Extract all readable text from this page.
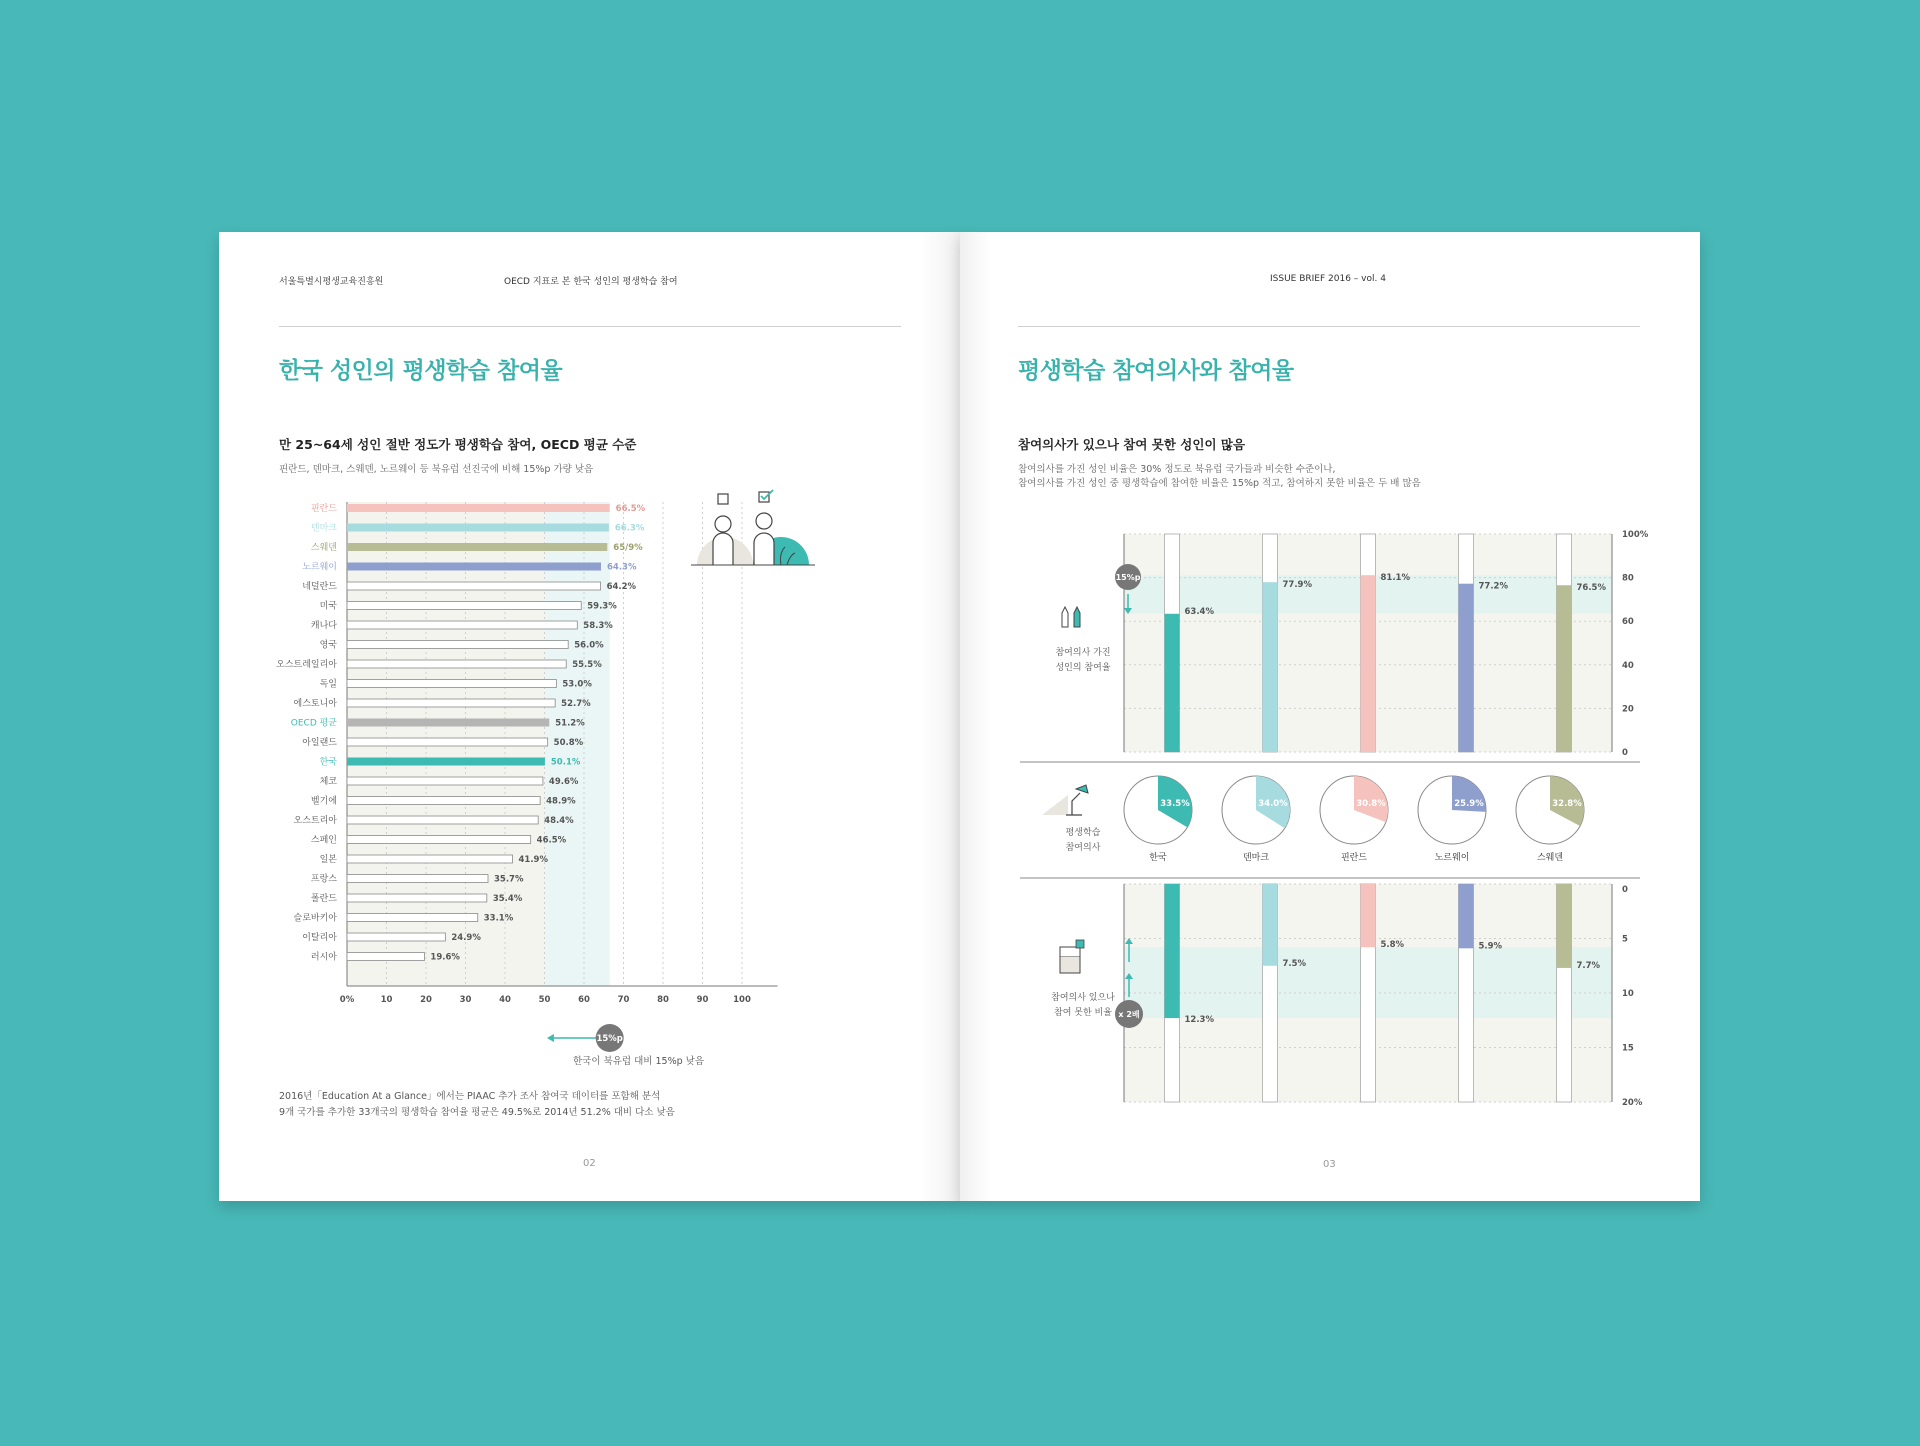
서울특별시평생교육진흥원	OECD 지표로 본 한국 성인의 평생학습 참여
한국 성인의 평생학습 참여율
만 25~64세 성인 절반 정도가 평생학습 참여, OECD 평균 수준
핀란드, 덴마크, 스웨덴, 노르웨이 등 북유럽 선진국에 비해 15%p 가량 낮음
0%	10	20	30	40	50	60	70	80	90	100
핀란드	66.5%
덴마크	66.3%
스웨덴	65/9%
노르웨이	64.3%
네덜란드	64.2%
미국	59.3%
캐나다	58.3%
영국	56.0%
오스트레일리아	55.5%
독일	53.0%
에스토니아	52.7%
OECD 평균	51.2%
아일랜드	50.8%
한국	50.1%
체코	49.6%
벨기에	48.9%
오스트리아	48.4%
스페인	46.5%
일본	41.9%
프랑스	35.7%
폴란드	35.4%
슬로바키아	33.1%
이탈리아	24.9%
러시아	19.6%
15%p
한국이 북유럽 대비 15%p 낮음
2016년「Education At a Glance」에서는 PIAAC 추가 조사 참여국 데이터를 포함해 분석
9개 국가를 추가한 33개국의 평생학습 참여율 평균은 49.5%로 2014년 51.2% 대비 다소 낮음
02
ISSUE BRIEF 2016 – vol. 4
평생학습 참여의사와 참여율
참여의사가 있으나 참여 못한 성인이 많음
참여의사를 가진 성인 비율은 30% 정도로 북유럽 국가들과 비슷한 수준이나,
참여의사를 가진 성인 중 평생학습에 참여한 비율은 15%p 적고, 참여하지 못한 비율은 두 배 많음
0
20
40
60
80
100%
63.4%
77.9%
81.1%
77.2%	76.5%
15%p
33.5%
한국
34.0%
덴마크
30.8%
핀란드
25.9%
노르웨이
32.8%
스웨덴
0
5
10
15
20%
12.3%
7.5%
5.8%	5.9%
7.7%
x 2배
참여의사 가진
성인의 참여율
평생학습
참여의사
참여의사 있으나
참여 못한 비율
03
